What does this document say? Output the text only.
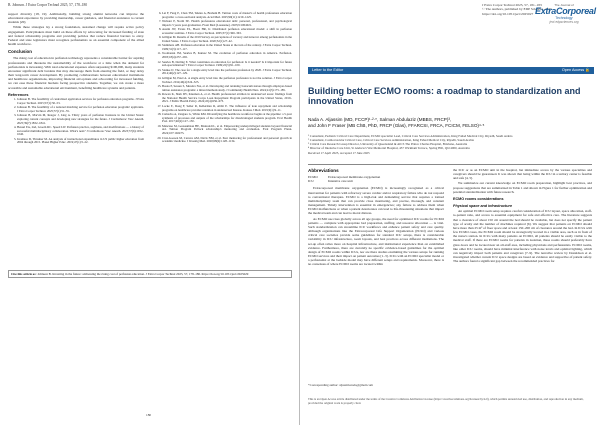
B. Johnson. J Extra Corpor Technol 2025, 57, 178–180

support diversity [18, 19]. Additionally, building strong alumni networks can improve the educational experience by providing mentorship, career guidance, and financial assistance to current students [20].

While these strategies lay a strong foundation, sustained change will require active policy engagement. Policymakers must build on these efforts by advocating for increased funding of state and federal scholarship programs and providing policies that reduce financial barriers to entry. Federal and state legislators must recognize perfusionists as an essential component of the allied health workforce.

Conclusion

The rising cost of education in perfusion technology represents a considerable barrier for aspiring professionals and threatens the sustainability of the workforce at a time when the demand for perfusionists is increasing. With total educational expenses often surpassing $100,000, many students encounter significant debt burdens that may discourage them from entering the field, or may delay their long-term career development. By promoting collaborations between educational institutions and healthcare organizations, improving financial aid options and advocating for increased funding, we can ease these financial burdens facing prospective students. Together, we can create a more accessible and sustainable educational environment, benefiting healthcare systems and patients.

References
1. Johnson B. The feasibility of centralized application services for perfusion education programs. J Extra Corpor Technol. 2025;57(1):50–53.
2. Johnson B. The feasibility of a national matching service for perfusion education programs' applicants. J Extra Corpor Technol. 2025;57(1):51–55.
3. Johnson B, Marvin M, Reagor J, Ling A. Thirty years of perfusion licensure in the United States: exploring current concepts and developing new strategies for the future. J Cardiothorac Vasc Anesth. 2025;39(7):1832–1841.
4. Hessel EA, 2nd, Groom RC. Speed LW. Perfusion practice, regimens, and modifications — a history of successful multidisciplinary collaboration. What's next? J Cardiothorac Vasc Anesth. 2023;37(6):1032–1040.
5. Iwamasa D, Thrasher M. An analysis of instructional expenditures in US public higher education from 2004 through 2015. Planet Higher Educ. 2019;47(1):5–22.
6. Lai F, Fang E, Chan TM, Tekian A, Braham H. Tuition costs of master's of health professions education programs: a cross-sectional analysis. Acad Med. 2025;99(11):1219–1225.
7. Webster P, North SE. Health professions educational debt: personal, professional, and psychological impacts 5 years post-graduation. Front Med (Lausanne). 2023;9:1004021.
8. Austin JW, Evans EL, Hoerr HR, Jr. Distributed perfusion educational model: a shift in perfusion economic realities. J Extra Corpor Technol. 2005;37(1):360–363.
9. Gilligan M. Results of the 2019 Survey on perceptions of vacancy and turnover among perfusionists in the United States. J Extra Corpor Technol. 2020;52(1):27–42.
10. Stammers AH. Perfusion education in the United States at the turn of the century. J Extra Corpor Technol. 1999;31(3):117–117.
11. Toomasian JM, Searles B, Kurusz M. The evolution of perfusion education in America. Perfusion. 2003;18(4):257–265.
12. Searles B, Darling E. What constitutes an education for perfusion: Is it needed? Is it important for future sub-specialization? J Extra Corpor Technol. 1999;22(3):91–100.
13. Stanke JJ. The case for a single entry level into the perfusion profession by 2020. J Extra Corpor Technol. 2014;46(2):127–129.
14. Gilligan M, Patel A. A single entry level into the perfusion profession is not the solution. J Extra Corpor Technol. 2014;46(4):324–325.
15. Bosna P, Sessen S, Moreira NA, et al. Developing and retaining bonacum nurses through employer-based tuition assistance programs: a mixed methods study. J Community Health Nurs. 2024;41(3):175–185.
16. Rowan K, Shah DV, Knudsen A, et al. Health professional attrition in underserved areas: findings from the National Health Service Corps Loan Repayment Program participants in the United States, 2019–2021. J Public Health Policy. 2024;45(4):656–673.
17. Locke E, Dong F, Seiler R, Kellerman R, Abbit E. The influence of loan repayment and scholarship programs on healthcare provider retention in underserved Kansas. Kansas J Med. 2019;9(1):9–11.
18. Camacho A, Zangaro G, White KM. Diversifying the healthcare workforce begins at the pipeline: a 5-year synthesis of processes and outputs of the scholarships for disadvantaged students program. Eval Health Prof. 2017;40(2):127–150.
19. Mancuso M, Goussumzan HE, Mannoldi L, et al. Empowering underprivileged students beyond financial aid. Tuition Program Pollock scholarship's mentoring and evaluation. Eval Program Plann. 2024;107:102475.
20. Cruz-Goosen M, Carrera AM, Davis NM, et al. Peer mentoring for professional and personal growth in academic medicine. J Investig Med. 2020;68(6):1128–1134.
Cite this article as: Johnson B. Investing in the future: addressing the rising cost of perfusion education. J Extra Corpor Technol 2025, 57, 178–180. https://doi.org/10.1051/ject/2025029
180
J Extra Corpor Technol 2025, 57, 181–183
© The Authors, published by EDP Sciences, 2025
https://doi.org/10.1051/ject/2025027
The Journal of
ExtraCorporeal
Technology
ject.edpsciences.org
Letter to the Editor	Open Access 🔓
Building better ECMO rooms: a roadmap to standardization and innovation
Nada A. Aljassim (MD, FCCP)¹·²·*, Salman Abdulaziz (MBBS, FRCP)³,
and John F Fraser (MB ChB, PhD, FRCP (Glas), FFARCSI, FRCA, FCICM, FELSO)⁴·⁵
¹ Consultant, Pediatric Critical Care Department, ECMO specialist Lead, Critical Care Services Administration, King Fahad Medical City, Riyadh, Saudi Arabia
² Consultant, Cardiovascular Critical Care, Critical Care Services Administration, King Fahad Medical City, Riyadh, Saudi Arabia
³ Critical Care Research Group Director, University of Queensland & AICS The Prince Charles Hospital, Brisbane, Australia
⁴ Director of Intensive Care Unit, St Andrew's War Memorial Hospital, 457 Wickham Terrace, Spring Hill, Qld 4000, Australia
Received 17 April 2025, Accepted 17 June 2025
Abbreviations
ECMO	Extracorporeal membrane oxygenation
ICU	Intensive care unit

Extracorporeal membrane oxygenation (ECMO) is increasingly recognized as a critical intervention for patients with refractory severe cardiac and/or respiratory failure who do not respond to conventional therapies. ECMO is a high-risk and demanding service that requires a trained multidisciplinary team that can provide close monitoring, and precise, thorough, and constant management. Timely intervention is essential in emergencies; any failure to address them when ECMO malfunctions or when a patient deteriorates can lead to life-threatening situations that impact the medical team and can lead to moral distress.

As ECMO use rises globally across all age groups, the need for optimized ICU rooms for ECMO patients — complete with appropriate bed preparation, staffing, and resource allocation — is vital. Such standardization can streamline ICU workflows and enhance patient safety and care quality. Although organizations like the Extracorporeal Life Support Organization (ELSO) and various critical care societies provide some guidelines for standard ICU setups, there is considerable variability in ICU infrastructure, room layouts, and best practices across different institutions. The set-up often relies more on hospital infrastructure, and institutional experience than on established evidence. Furthermore, there are currently no specific evidence-based guidelines for the optimal design of ECMO rooms within ICUs, nor are there studies examining the various setups for running ECMO services and their impact on patient outcomes [1–3]. ICUs with an ECMO specialist model or a perfusionist at the bedside model may have different setups and requirements. Moreover, there is no consensus of where ECMO rooms are located within

the ICU or as an ECMO unit in the hospital, but immediate access by the various specialties and caregivers should be guaranteed. It was shown that being within the ICU in a tertiary center is feasible and safe [4, 5].

We summarize our current knowledge on ECMO room preparation, highlight best practices, and propose suggestions that are summarized in Table 1 and shown in Figure 1 for further optimization and potential standardization with future research.

ECMO rooms considerations
Physical space and infrastructure

An optimal ECMO room setup requires careful consideration of ICU layout, space allocation, staff-to-patient ratio, and access to essential equipment for safe and effective care. The literature suggests that a clearance of about 150 cm around the bed should be available, but does not specify the patient type of acuity and the number of machines required [6]. We suggest that patients on ECMO should have more than 25 m² of floor space and at least 150–200 cm of clearance around the bed. In ICUs with few ECMO cases, the ECMO room should be strategically located in a visible area, such as in front of the nurse's station. In ICUs with many patients on ECMO, all patients should be easily visible to the medical staff. If there are ECMO rooms for patients in isolation, these rooms should preferably have glass doors and be located near an all-staff area, including physicians and perfusionists. ECMO rooms, like other ICU rooms, should have minimal interference with noise levels and optimal lighting, which can negatively impact both patients and caregivers [7–9]. The narrative review by Donaldson et al. investigated whether current ICU space designs are based on evidence and supportive of patient safety. The authors found a significant gap between the recommended practices for

*Corresponding author: aljassim.nada@gmail.com
This is an Open Access article distributed under the terms of the Creative Commons Attribution License (https://creativecommons.org/licenses/by/4.0), which permits unrestricted use, distribution, and reproduction in any medium, provided the original work is properly cited.
